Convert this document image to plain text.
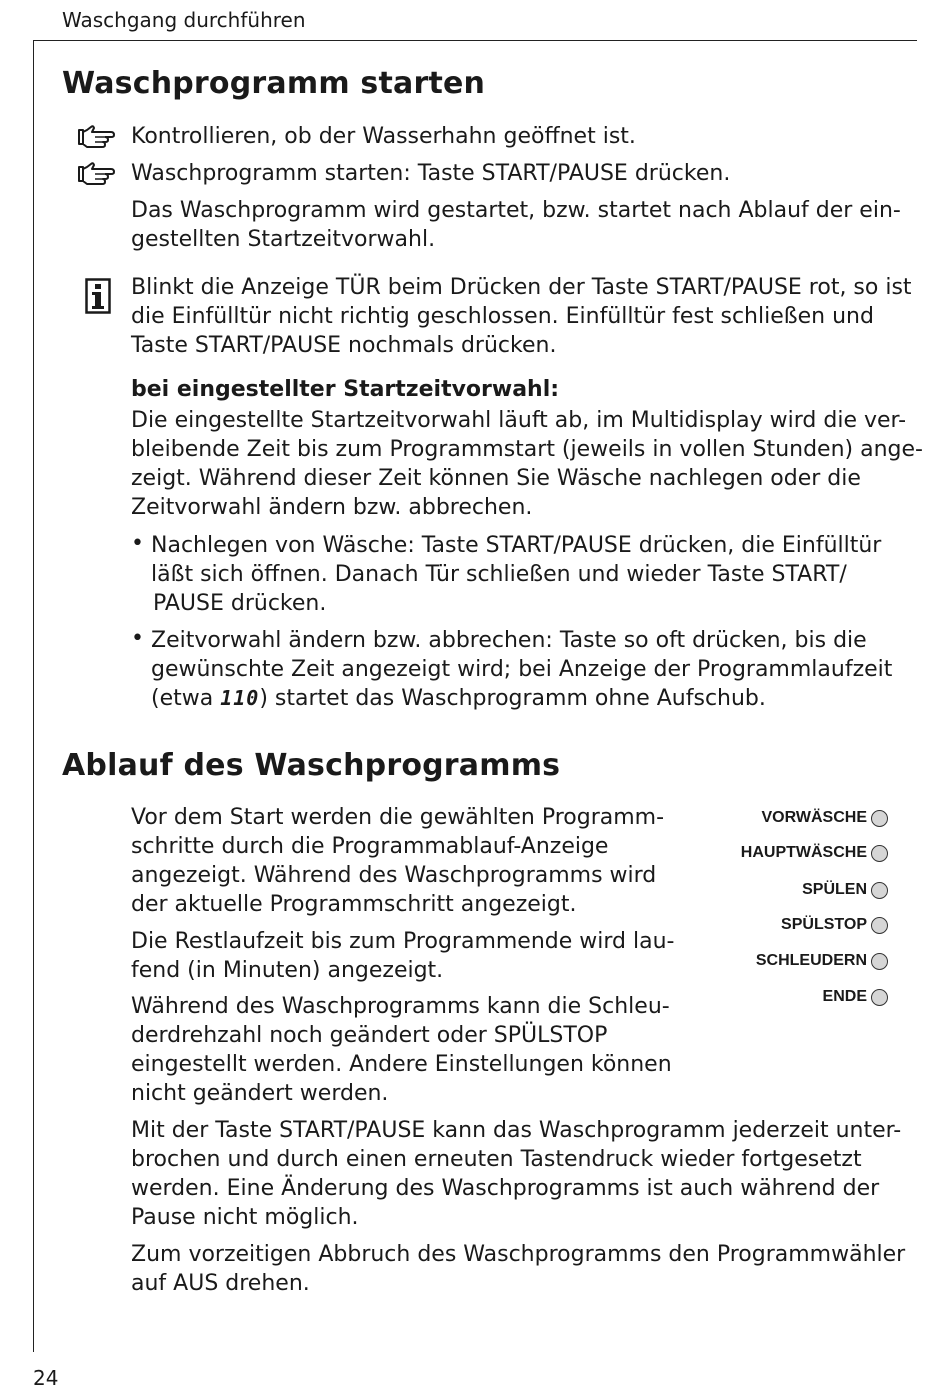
Waschgang durchführen
24
Waschprogramm starten
Kontrollieren, ob der Wasserhahn geöffnet ist.
Waschprogramm starten: Taste START/PAUSE drücken.
Das Waschprogramm wird gestartet, bzw. startet nach Ablauf der ein-
gestellten Startzeitvorwahl.
Blinkt die Anzeige TÜR beim Drücken der Taste START/PAUSE rot, so ist
die Einfülltür nicht richtig geschlossen. Einfülltür fest schließen und
Taste START/PAUSE nochmals drücken.
bei eingestellter Startzeitvorwahl:
Die eingestellte Startzeitvorwahl läuft ab, im Multidisplay wird die ver-
bleibende Zeit bis zum Programmstart (jeweils in vollen Stunden) ange-
zeigt. Während dieser Zeit können Sie Wäsche nachlegen oder die
Zeitvorwahl ändern bzw. abbrechen.
• Nachlegen von Wäsche: Taste START/PAUSE drücken, die Einfülltür
läßt sich öffnen. Danach Tür schließen und wieder Taste START/
PAUSE drücken.
• Zeitvorwahl ändern bzw. abbrechen: Taste so oft drücken, bis die
gewünschte Zeit angezeigt wird; bei Anzeige der Programmlaufzeit
(etwa 110) startet das Waschprogramm ohne Aufschub.
Ablauf des Waschprogramms
Vor dem Start werden die gewählten Programm-
schritte durch die Programmablauf-Anzeige
angezeigt. Während des Waschprogramms wird
der aktuelle Programmschritt angezeigt.
Die Restlaufzeit bis zum Programmende wird lau-
fend (in Minuten) angezeigt.
Während des Waschprogramms kann die Schleu-
derdrehzahl noch geändert oder SPÜLSTOP
eingestellt werden. Andere Einstellungen können
nicht geändert werden.
Mit der Taste START/PAUSE kann das Waschprogramm jederzeit unter-
brochen und durch einen erneuten Tastendruck wieder fortgesetzt
werden. Eine Änderung des Waschprogramms ist auch während der
Pause nicht möglich.
Zum vorzeitigen Abbruch des Waschprogramms den Programmwähler
auf AUS drehen.
VORWÄSCHE
HAUPTWÄSCHE
SPÜLEN
SPÜLSTOP
SCHLEUDERN
ENDE
